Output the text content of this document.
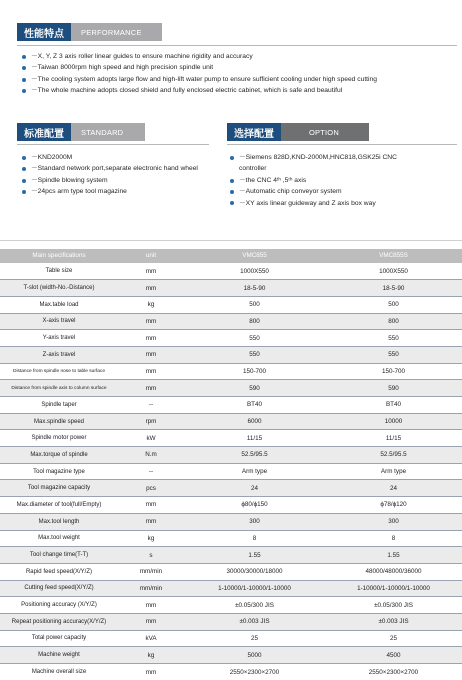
性能特点	PERFORMANCE
－X, Y, Z 3 axis roller linear guides to ensure machine rigidity and accuracy
－Taiwan 8000rpm high speed and high precision spindle unit
－The cooling system adopts large flow and high-lift water pump to ensure sufficient cooling under high speed cutting
－The whole machine adopts closed shield and fully enclosed electric cabinet, which is safe and beautiful
标准配置	STANDARD
－KND2000M
－Standard network port,separate electronic hand wheel
－Spindle blowing system
－24pcs arm type tool magazine
选择配置	OPTION
－Siemens 828D,KND-2000M,HNC818,GSK25i CNC
controller
－the CNC 4ᵗʰ ,5ᵗʰ axis
－Automatic chip conveyor system
－XY axis linear guideway and Z axis box way
Main specifications	unit	VMC855	VMC855S
Table size	mm	1000X550	1000X550
T-slot (width-No.-Distance)	mm	18-5-90	18-5-90
Max.table load	kg	500	500
X-axis travel	mm	800	800
Y-axis travel	mm	550	550
Z-axis travel	mm	550	550
Distance from spindle nose to table surface	mm	150-700	150-700
Distance from spindle axis to column surface	mm	590	590
Spindle taper	--	BT40	BT40
Max.spindle speed	rpm	6000	10000
Spindle motor power	kW	11/15	11/15
Max.torque of spindle	N.m	52.5/95.5	52.5/95.5
Tool magazine type	--	Arm type	Arm type
Tool magazine capacity	pcs	24	24
Max.diameter of tool(full/Empty)	mm	ϕ80/ϕ150	ϕ78/ϕ120
Max.tool length	mm	300	300
Max.tool weight	kg	8	8
Tool change time(T-T)	s	1.55	1.55
Rapid feed speed(X/Y/Z)	mm/min	30000/30000/18000	48000/48000/36000
Cutting feed speed(X/Y/Z)	mm/min	1-10000/1-10000/1-10000	1-10000/1-10000/1-10000
Positioning accuracy (X/Y/Z)	mm	±0.05/300 JIS	±0.05/300 JIS
Repeat positioning accuracy(X/Y/Z)	mm	±0.003 JIS	±0.003 JIS
Total power capacity	kVA	25	25
Machine weight	kg	5000	4500
Machine overall size	mm	2550×2300×2700	2550×2300×2700
